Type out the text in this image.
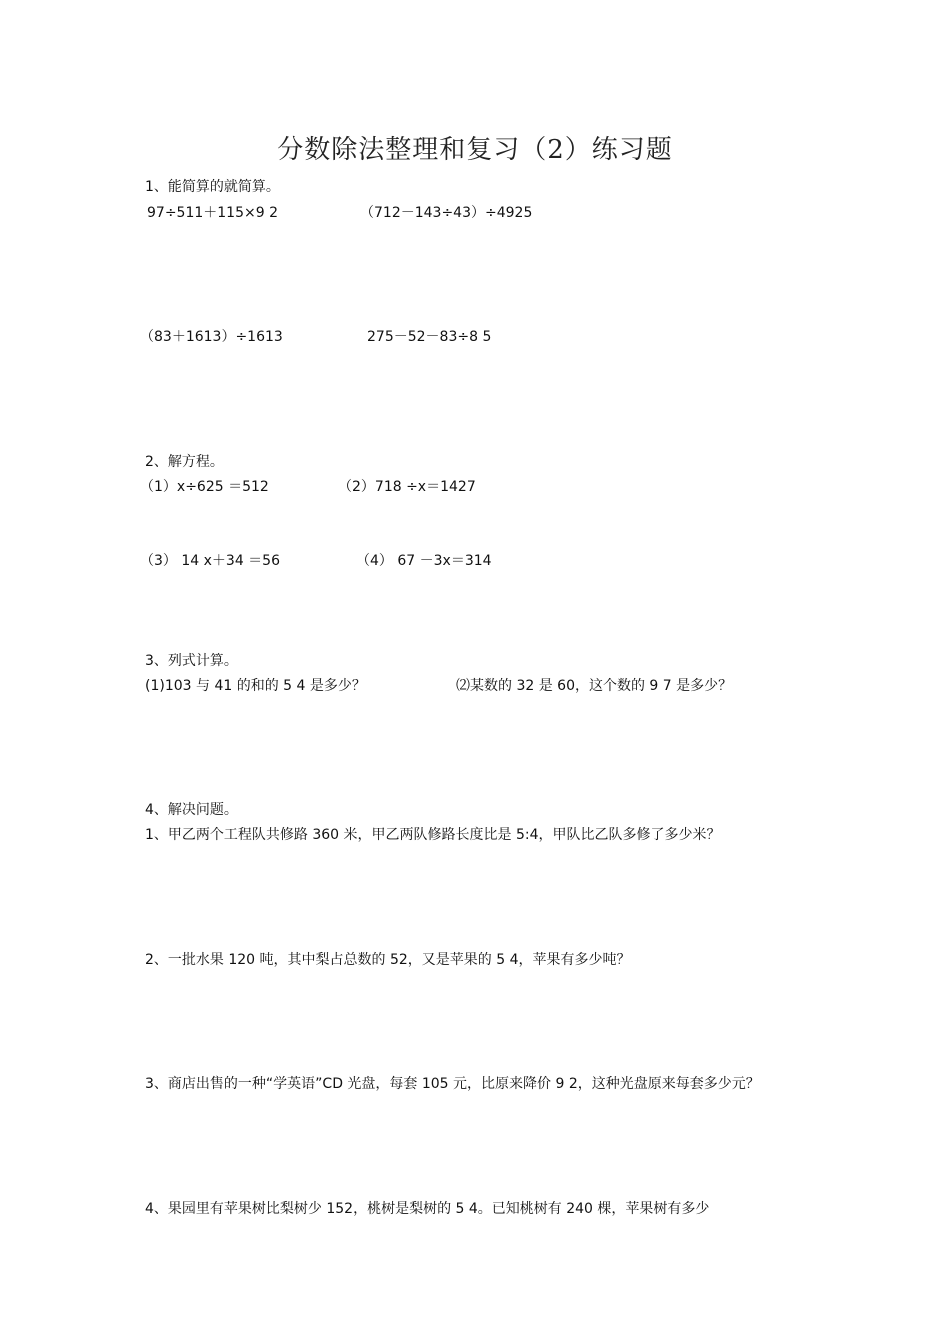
分数除法整理和复习（2）练习题
1、能简算的就简算。
97÷511＋115×9 2	（712－143÷43）÷4925
（83＋1613）÷1613	275－52－83÷8 5
2、解方程。
（1）x÷625 ＝512	（2）718 ÷x＝1427
（3） 14 x＋34 ＝56	（4） 67 －3x＝314
3、列式计算。
(1)103 与 41 的和的 5 4 是多少？	⑵某数的 32 是 60，这个数的 9 7 是多少？
4、解决问题。
1、甲乙两个工程队共修路 360 米，甲乙两队修路长度比是 5:4，甲队比乙队多修了多少米？
2、一批水果 120 吨，其中梨占总数的 52，又是苹果的 5 4，苹果有多少吨？
3、商店出售的一种“学英语”CD 光盘，每套 105 元，比原来降价 9 2，这种光盘原来每套多少元？
4、果园里有苹果树比梨树少 152，桃树是梨树的 5 4。已知桃树有 240 棵，苹果树有多少
